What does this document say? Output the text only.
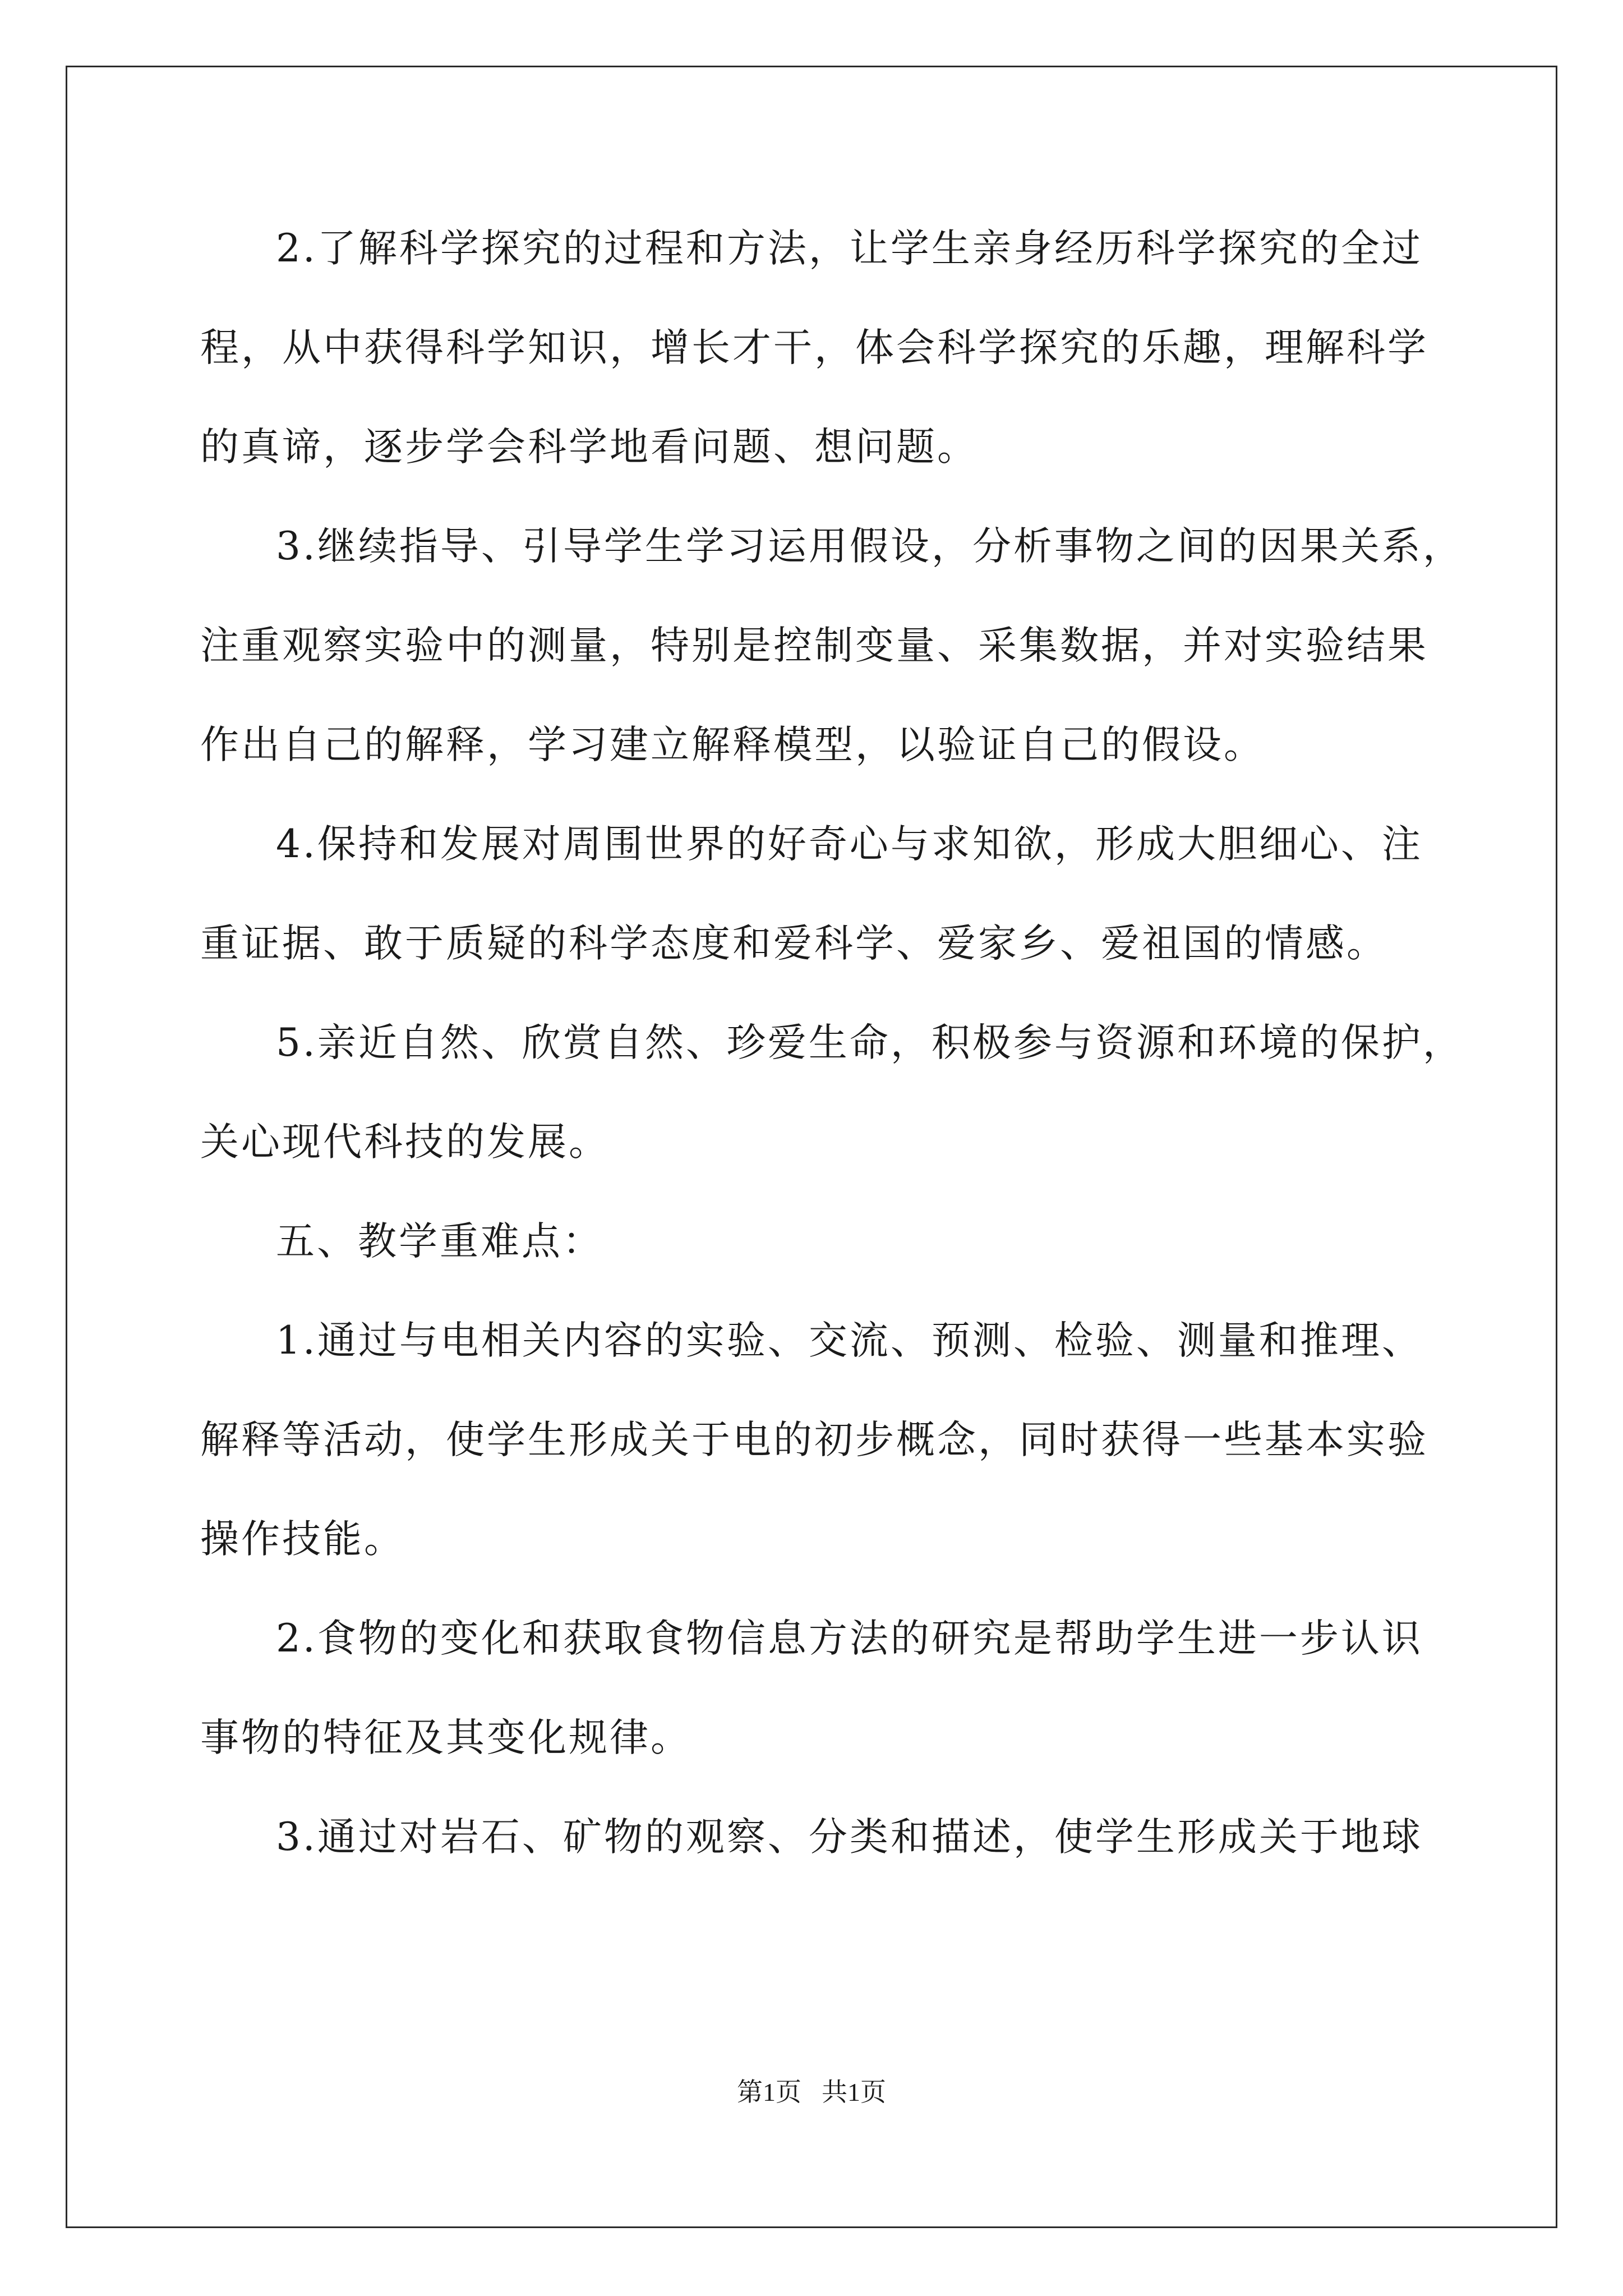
2.了解科学探究的过程和方法，让学生亲身经历科学探究的全过
程，从中获得科学知识，增长才干，体会科学探究的乐趣，理解科学
的真谛，逐步学会科学地看问题、想问题。
3.继续指导、引导学生学习运用假设，分析事物之间的因果关系，
注重观察实验中的测量，特别是控制变量、采集数据，并对实验结果
作出自己的解释，学习建立解释模型，以验证自己的假设。
4.保持和发展对周围世界的好奇心与求知欲，形成大胆细心、注
重证据、敢于质疑的科学态度和爱科学、爱家乡、爱祖国的情感。
5.亲近自然、欣赏自然、珍爱生命，积极参与资源和环境的保护，
关心现代科技的发展。
五、教学重难点：
1.通过与电相关内容的实验、交流、预测、检验、测量和推理、
解释等活动，使学生形成关于电的初步概念，同时获得一些基本实验
操作技能。
2.食物的变化和获取食物信息方法的研究是帮助学生进一步认识
事物的特征及其变化规律。
3.通过对岩石、矿物的观察、分类和描述，使学生形成关于地球
第1页 共1页
